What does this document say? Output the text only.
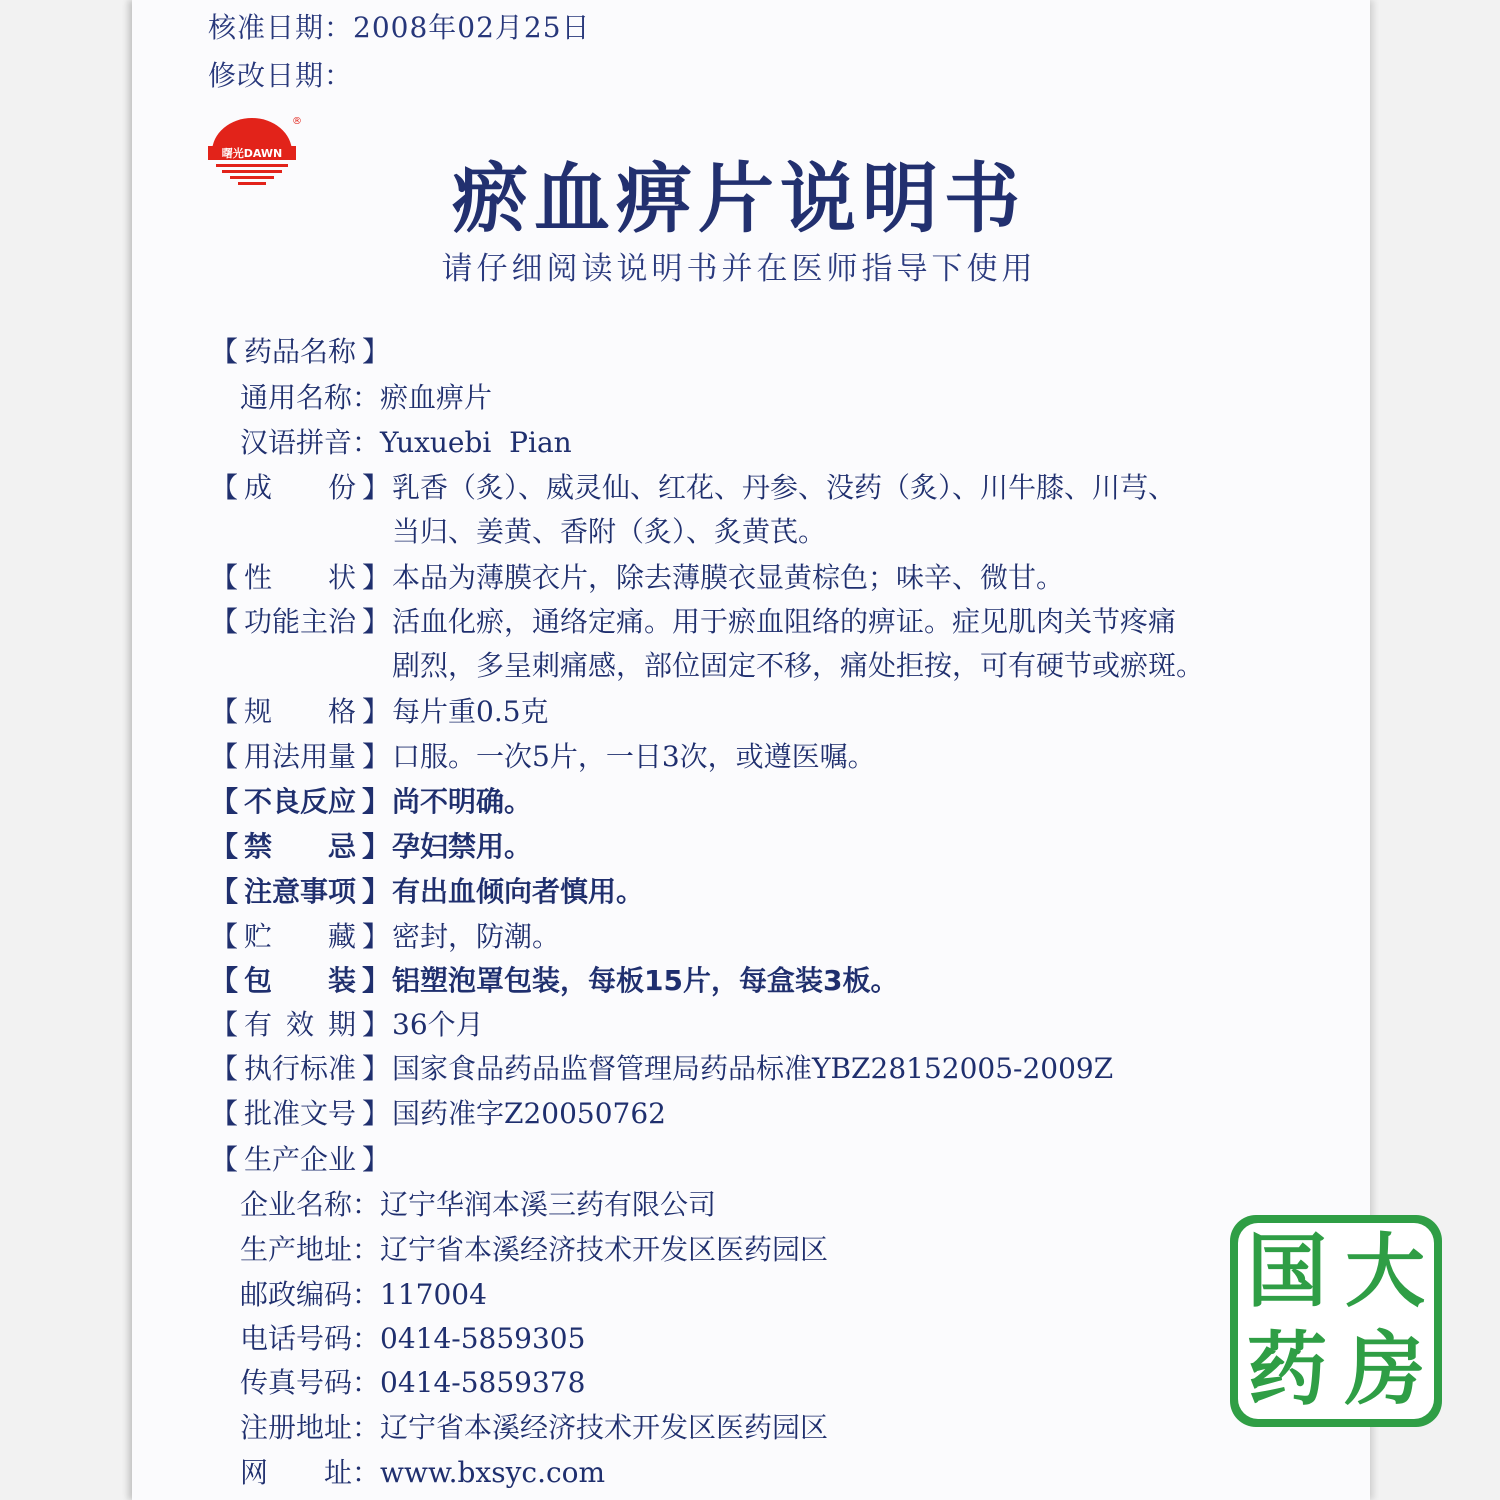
核准日期：2008年02月25日
修改日期：
曙光DAWN
®
瘀血痹片说明书
请仔细阅读说明书并在医师指导下使用
【 药品名称 】
通用名称：瘀血痹片
汉语拼音：Yuxuebi  Pian
【 成 份 】 乳香（炙）、威灵仙、红花、丹参、没药（炙）、川牛膝、川芎、
当归、姜黄、香附（炙）、炙黄芪。
【 性 状 】 本品为薄膜衣片，除去薄膜衣显黄棕色；味辛、微甘。
【 功能主治 】 活血化瘀，通络定痛。用于瘀血阻络的痹证。症见肌肉关节疼痛
剧烈，多呈刺痛感，部位固定不移，痛处拒按，可有硬节或瘀斑。
【 规 格 】 每片重0.5克
【 用法用量 】 口服。一次5片，一日3次，或遵医嘱。
【 不良反应 】 尚不明确。
【 禁 忌 】 孕妇禁用。
【 注意事项 】 有出血倾向者慎用。
【 贮 藏 】 密封，防潮。
【 包 装 】 铝塑泡罩包装，每板15片，每盒装3板。
【 有 效 期 】 36个月
【 执行标准 】 国家食品药品监督管理局药品标准YBZ28152005-2009Z
【 批准文号 】 国药准字Z20050762
【 生产企业 】
企业名称：辽宁华润本溪三药有限公司
生产地址：辽宁省本溪经济技术开发区医药园区
邮政编码：117004
电话号码：0414-5859305
传真号码：0414-5859378
注册地址：辽宁省本溪经济技术开发区医药园区
网　　址：www.bxsyc.com
国 大
药 房
